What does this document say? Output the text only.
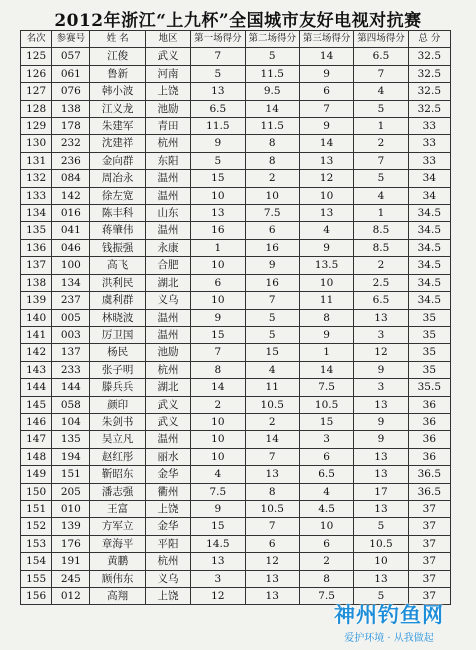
2012年浙江“上九杯”全国城市友好电视对抗赛
名次	参赛号	姓 名	地区	第一场得分	第二场得分	第三场得分	第四场得分	总 分
125	057	江俊	武义	7	5	14	6.5	32.5
126	061	鲁新	河南	5	11.5	9	7	32.5
127	076	韩小波	上饶	13	9.5	6	4	32.5
128	138	江义龙	池励	6.5	14	7	5	32.5
129	178	朱建军	青田	11.5	11.5	9	1	33
130	232	沈建祥	杭州	9	8	14	2	33
131	236	金向群	东阳	5	8	13	7	33
132	084	周冶永	温州	15	2	12	5	34
133	142	徐左宽	温州	10	10	10	4	34
134	016	陈丰科	山东	13	7.5	13	1	34.5
135	041	蒋肇伟	温州	16	6	4	8.5	34.5
136	046	钱振强	永康	1	16	9	8.5	34.5
137	100	高飞	合肥	10	9	13.5	2	34.5
138	134	洪利民	湖北	6	16	10	2.5	34.5
139	237	虞利群	义乌	10	7	11	6.5	34.5
140	005	林晓波	温州	9	5	8	13	35
141	003	厉卫国	温州	15	5	9	3	35
142	137	杨民	池励	7	15	1	12	35
143	233	张子明	杭州	8	4	14	9	35
144	144	滕兵兵	湖北	14	11	7.5	3	35.5
145	058	颜印	武义	2	10.5	10.5	13	36
146	104	朱剑书	武义	10	2	15	9	36
147	135	吴立凡	温州	10	14	3	9	36
148	194	赵红彤	丽水	10	7	6	13	36
149	151	靳昭东	金华	4	13	6.5	13	36.5
150	205	潘志强	衢州	7.5	8	4	17	36.5
151	010	王富	上饶	9	10.5	4.5	13	37
152	139	方军立	金华	15	7	10	5	37
153	176	章海平	平阳	14.5	6	6	10.5	37
154	191	黄鹏	杭州	13	12	2	10	37
155	245	顾伟东	义乌	3	13	8	13	37
156	012	高翔	上饶	12	13	7.5	5	37
神州钓鱼网
爱护环境 · 从我做起
